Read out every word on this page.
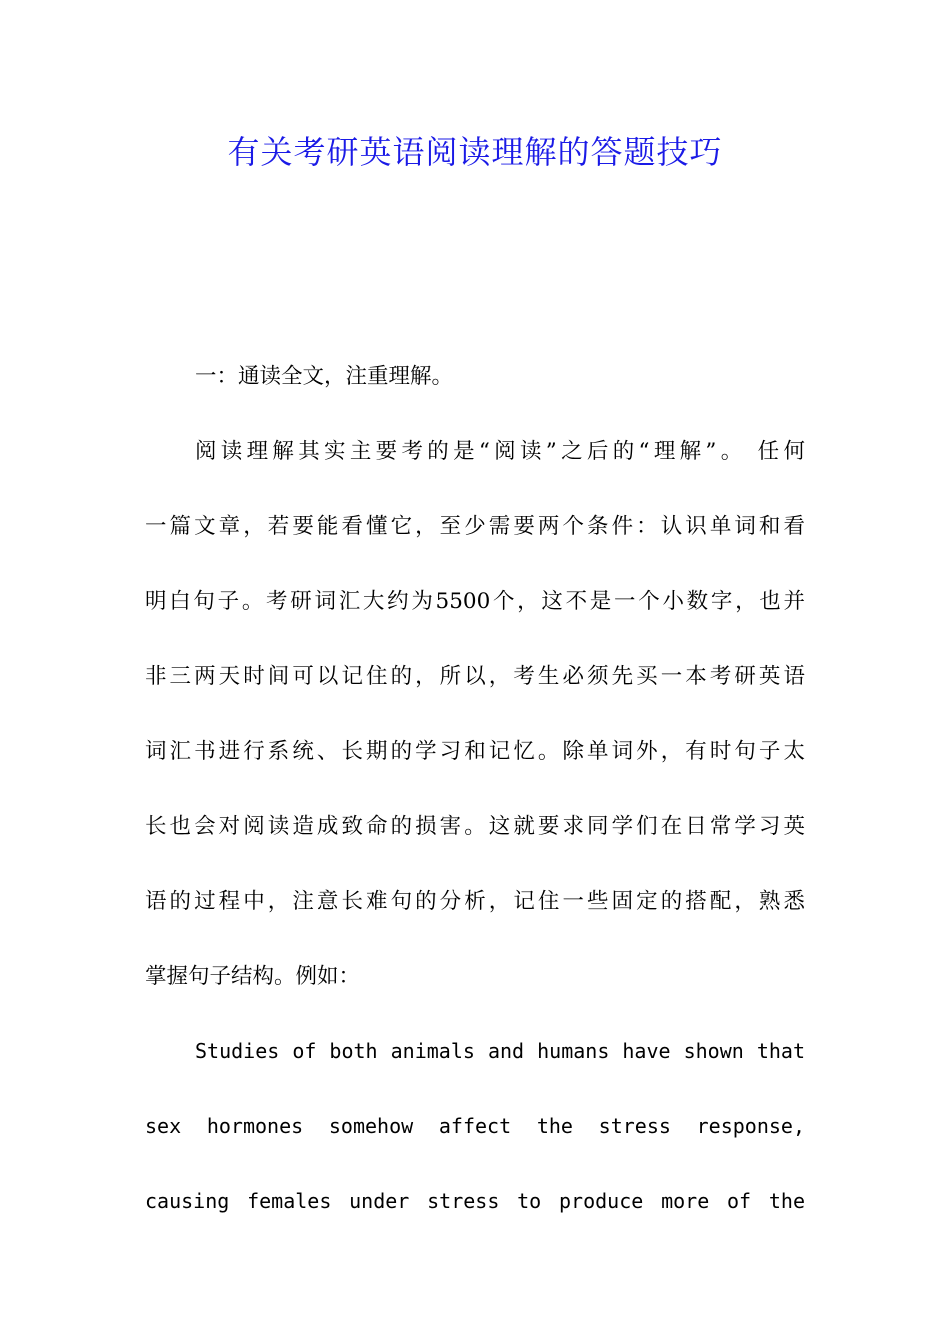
有关考研英语阅读理解的答题技巧
一：通读全文，注重理解。
阅读理解其实主要考的是“阅读”之后的“理解”。 任何
一篇文章，若要能看懂它，至少需要两个条件：认识单词和看
明白句子。考研词汇大约为5500个，这不是一个小数字，也并
非三两天时间可以记住的，所以，考生必须先买一本考研英语
词汇书进行系统、长期的学习和记忆。除单词外，有时句子太
长也会对阅读造成致命的损害。这就要求同学们在日常学习英
语的过程中，注意长难句的分析，记住一些固定的搭配，熟悉
掌握句子结构。例如：
Studies of both animals and humans have shown that
sex hormones somehow affect the stress response,
causing females under stress to produce more of the
